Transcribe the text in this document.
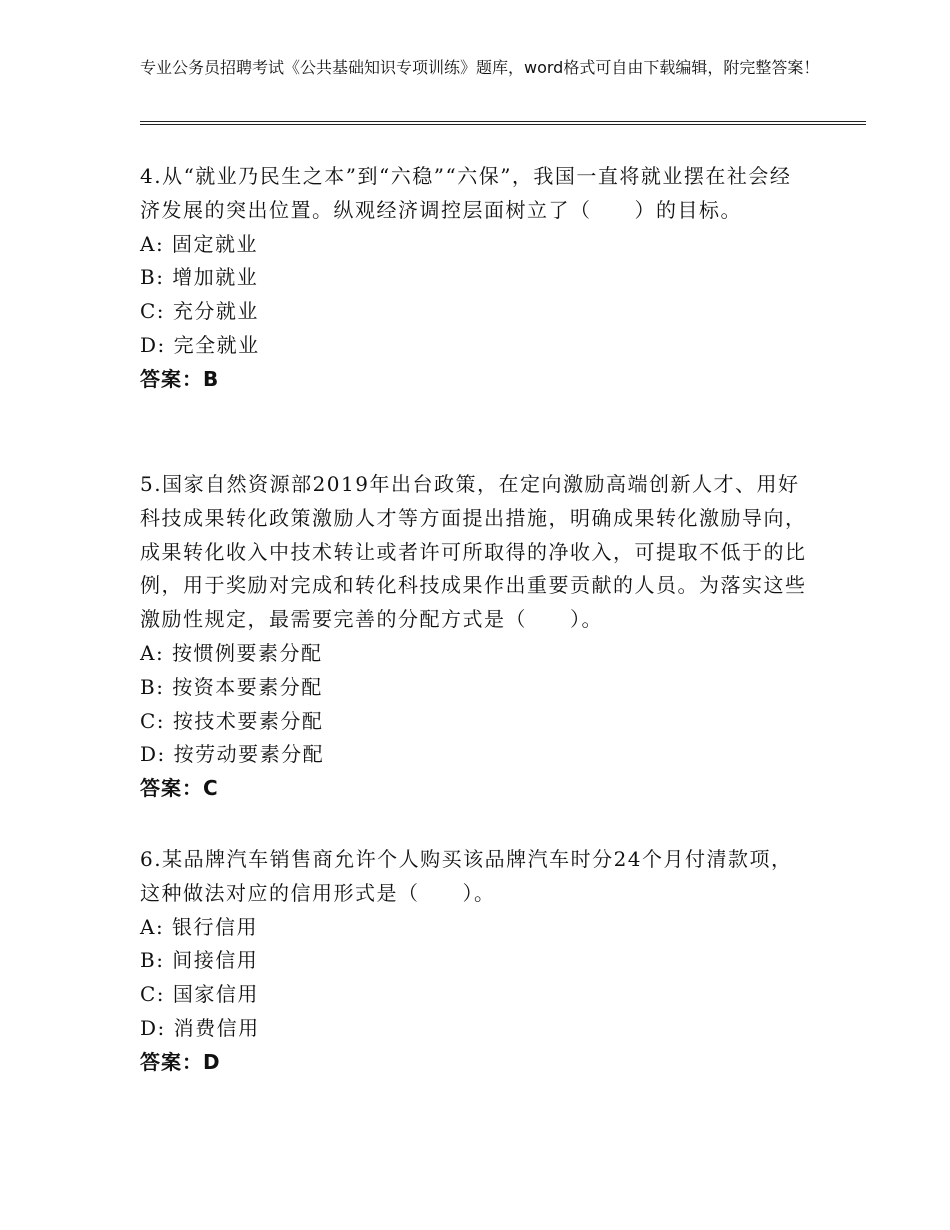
专业公务员招聘考试《公共基础知识专项训练》题库，word格式可自由下载编辑，附完整答案！

4.从“就业乃民生之本”到“六稳”“六保”，我国一直将就业摆在社会经济发展的突出位置。纵观经济调控层面树立了（　　）的目标。

A: 固定就业

B: 增加就业

C: 充分就业

D: 完全就业

答案：B

5.国家自然资源部2019年出台政策，在定向激励高端创新人才、用好科技成果转化政策激励人才等方面提出措施，明确成果转化激励导向，成果转化收入中技术转让或者许可所取得的净收入，可提取不低于的比例，用于奖励对完成和转化科技成果作出重要贡献的人员。为落实这些激励性规定，最需要完善的分配方式是（　　）。

A: 按惯例要素分配

B: 按资本要素分配

C: 按技术要素分配

D: 按劳动要素分配

答案：C

6.某品牌汽车销售商允许个人购买该品牌汽车时分24个月付清款项，这种做法对应的信用形式是（　　）。

A: 银行信用

B: 间接信用

C: 国家信用

D: 消费信用

答案：D
